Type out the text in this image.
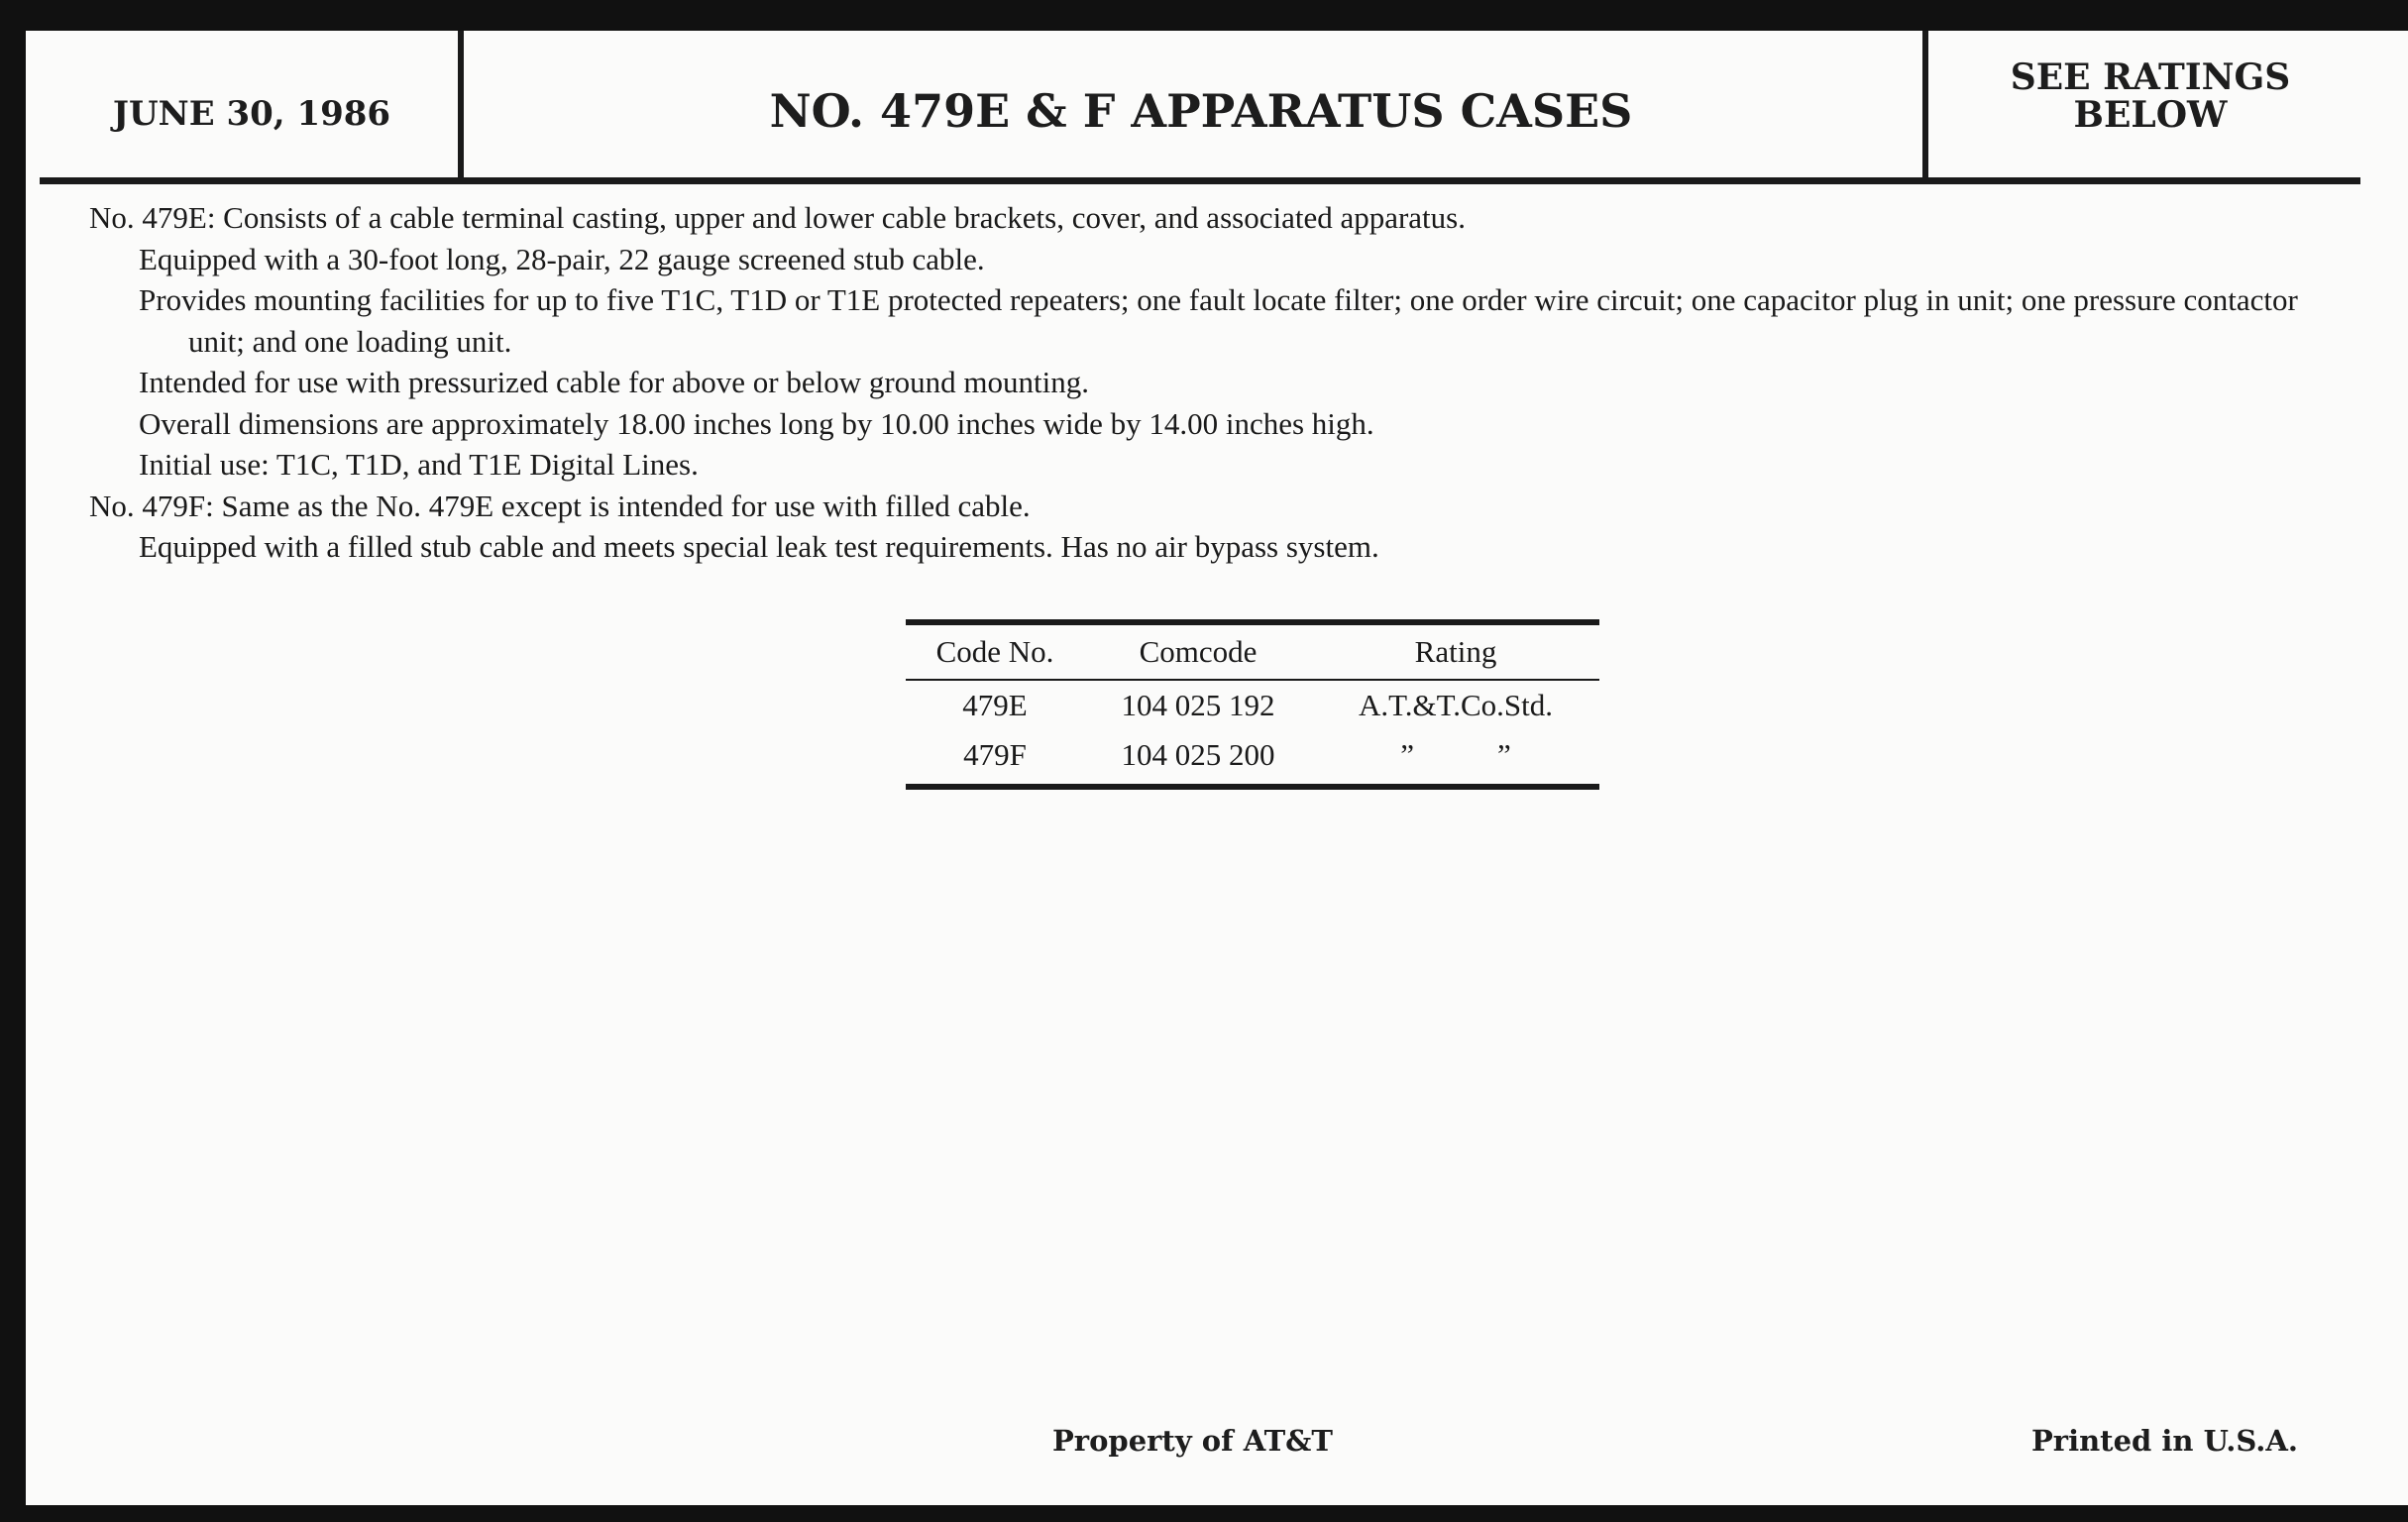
JUNE 30, 1986	NO. 479E & F APPARATUS CASES
SEE RATINGS
BELOW

No. 479E: Consists of a cable terminal casting, upper and lower cable brackets, cover, and associated apparatus.

Equipped with a 30-foot long, 28-pair, 22 gauge screened stub cable.

Provides mounting facilities for up to five T1C, T1D or T1E protected repeaters; one fault locate filter; one order wire circuit; one capacitor plug in unit; one pressure contactor unit; and one loading unit.

Intended for use with pressurized cable for above or below ground mounting.

Overall dimensions are approximately 18.00 inches long by 10.00 inches wide by 14.00 inches high.

Initial use: T1C, T1D, and T1E Digital Lines.

No. 479F: Same as the No. 479E except is intended for use with filled cable.

Equipped with a filled stub cable and meets special leak test requirements. Has no air bypass system.

Code No.	Comcode	Rating
479E	104 025 192	A.T.&T.Co.Std.
479F	104 025 200	”	”
Property of AT&T	Printed in U.S.A.
